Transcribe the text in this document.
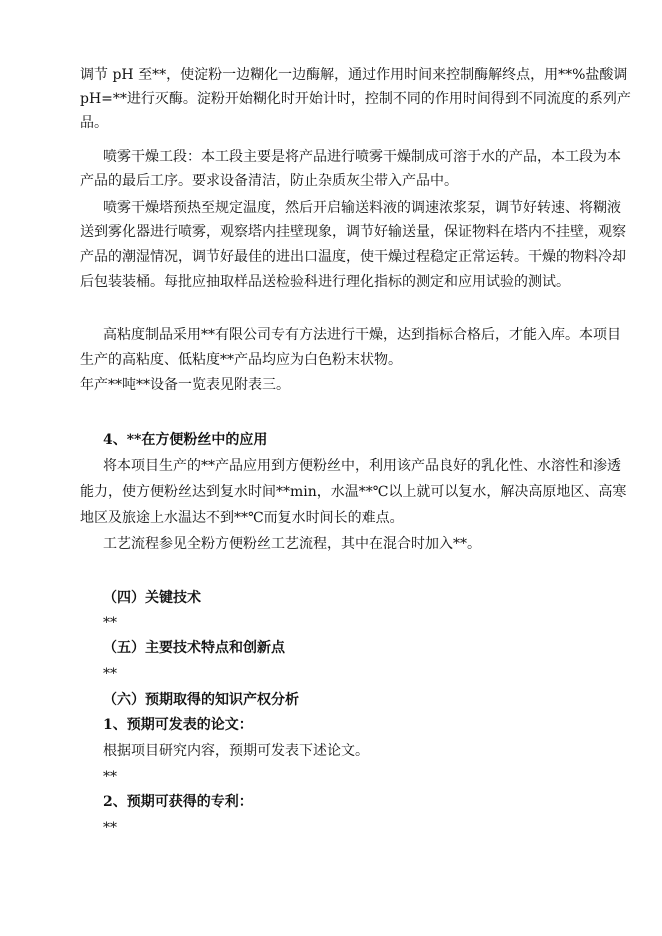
调节 pH 至**，使淀粉一边糊化一边酶解，通过作用时间来控制酶解终点，用**%盐酸调
pH=**进行灭酶。淀粉开始糊化时开始计时，控制不同的作用时间得到不同流度的系列产
品。
喷雾干燥工段：本工段主要是将产品进行喷雾干燥制成可溶于水的产品，本工段为本
产品的最后工序。要求设备清洁，防止杂质灰尘带入产品中。
喷雾干燥塔预热至规定温度，然后开启输送料液的调速浓浆泵，调节好转速、将糊液
送到雾化器进行喷雾，观察塔内挂壁现象，调节好输送量，保证物料在塔内不挂壁，观察
产品的潮湿情况，调节好最佳的进出口温度，使干燥过程稳定正常运转。干燥的物料冷却
后包装装桶。每批应抽取样品送检验科进行理化指标的测定和应用试验的测试。
高粘度制品采用**有限公司专有方法进行干燥，达到指标合格后，才能入库。本项目
生产的高粘度、低粘度**产品均应为白色粉末状物。
年产**吨**设备一览表见附表三。
4、**在方便粉丝中的应用
将本项目生产的**产品应用到方便粉丝中，利用该产品良好的乳化性、水溶性和渗透
能力，使方便粉丝达到复水时间**min，水温**℃以上就可以复水，解决高原地区、高寒
地区及旅途上水温达不到**℃而复水时间长的难点。
工艺流程参见全粉方便粉丝工艺流程，其中在混合时加入**。
（四）关键技术
**
（五）主要技术特点和创新点
**
（六）预期取得的知识产权分析
1、预期可发表的论文：
根据项目研究内容，预期可发表下述论文。
**
2、预期可获得的专利：
**
